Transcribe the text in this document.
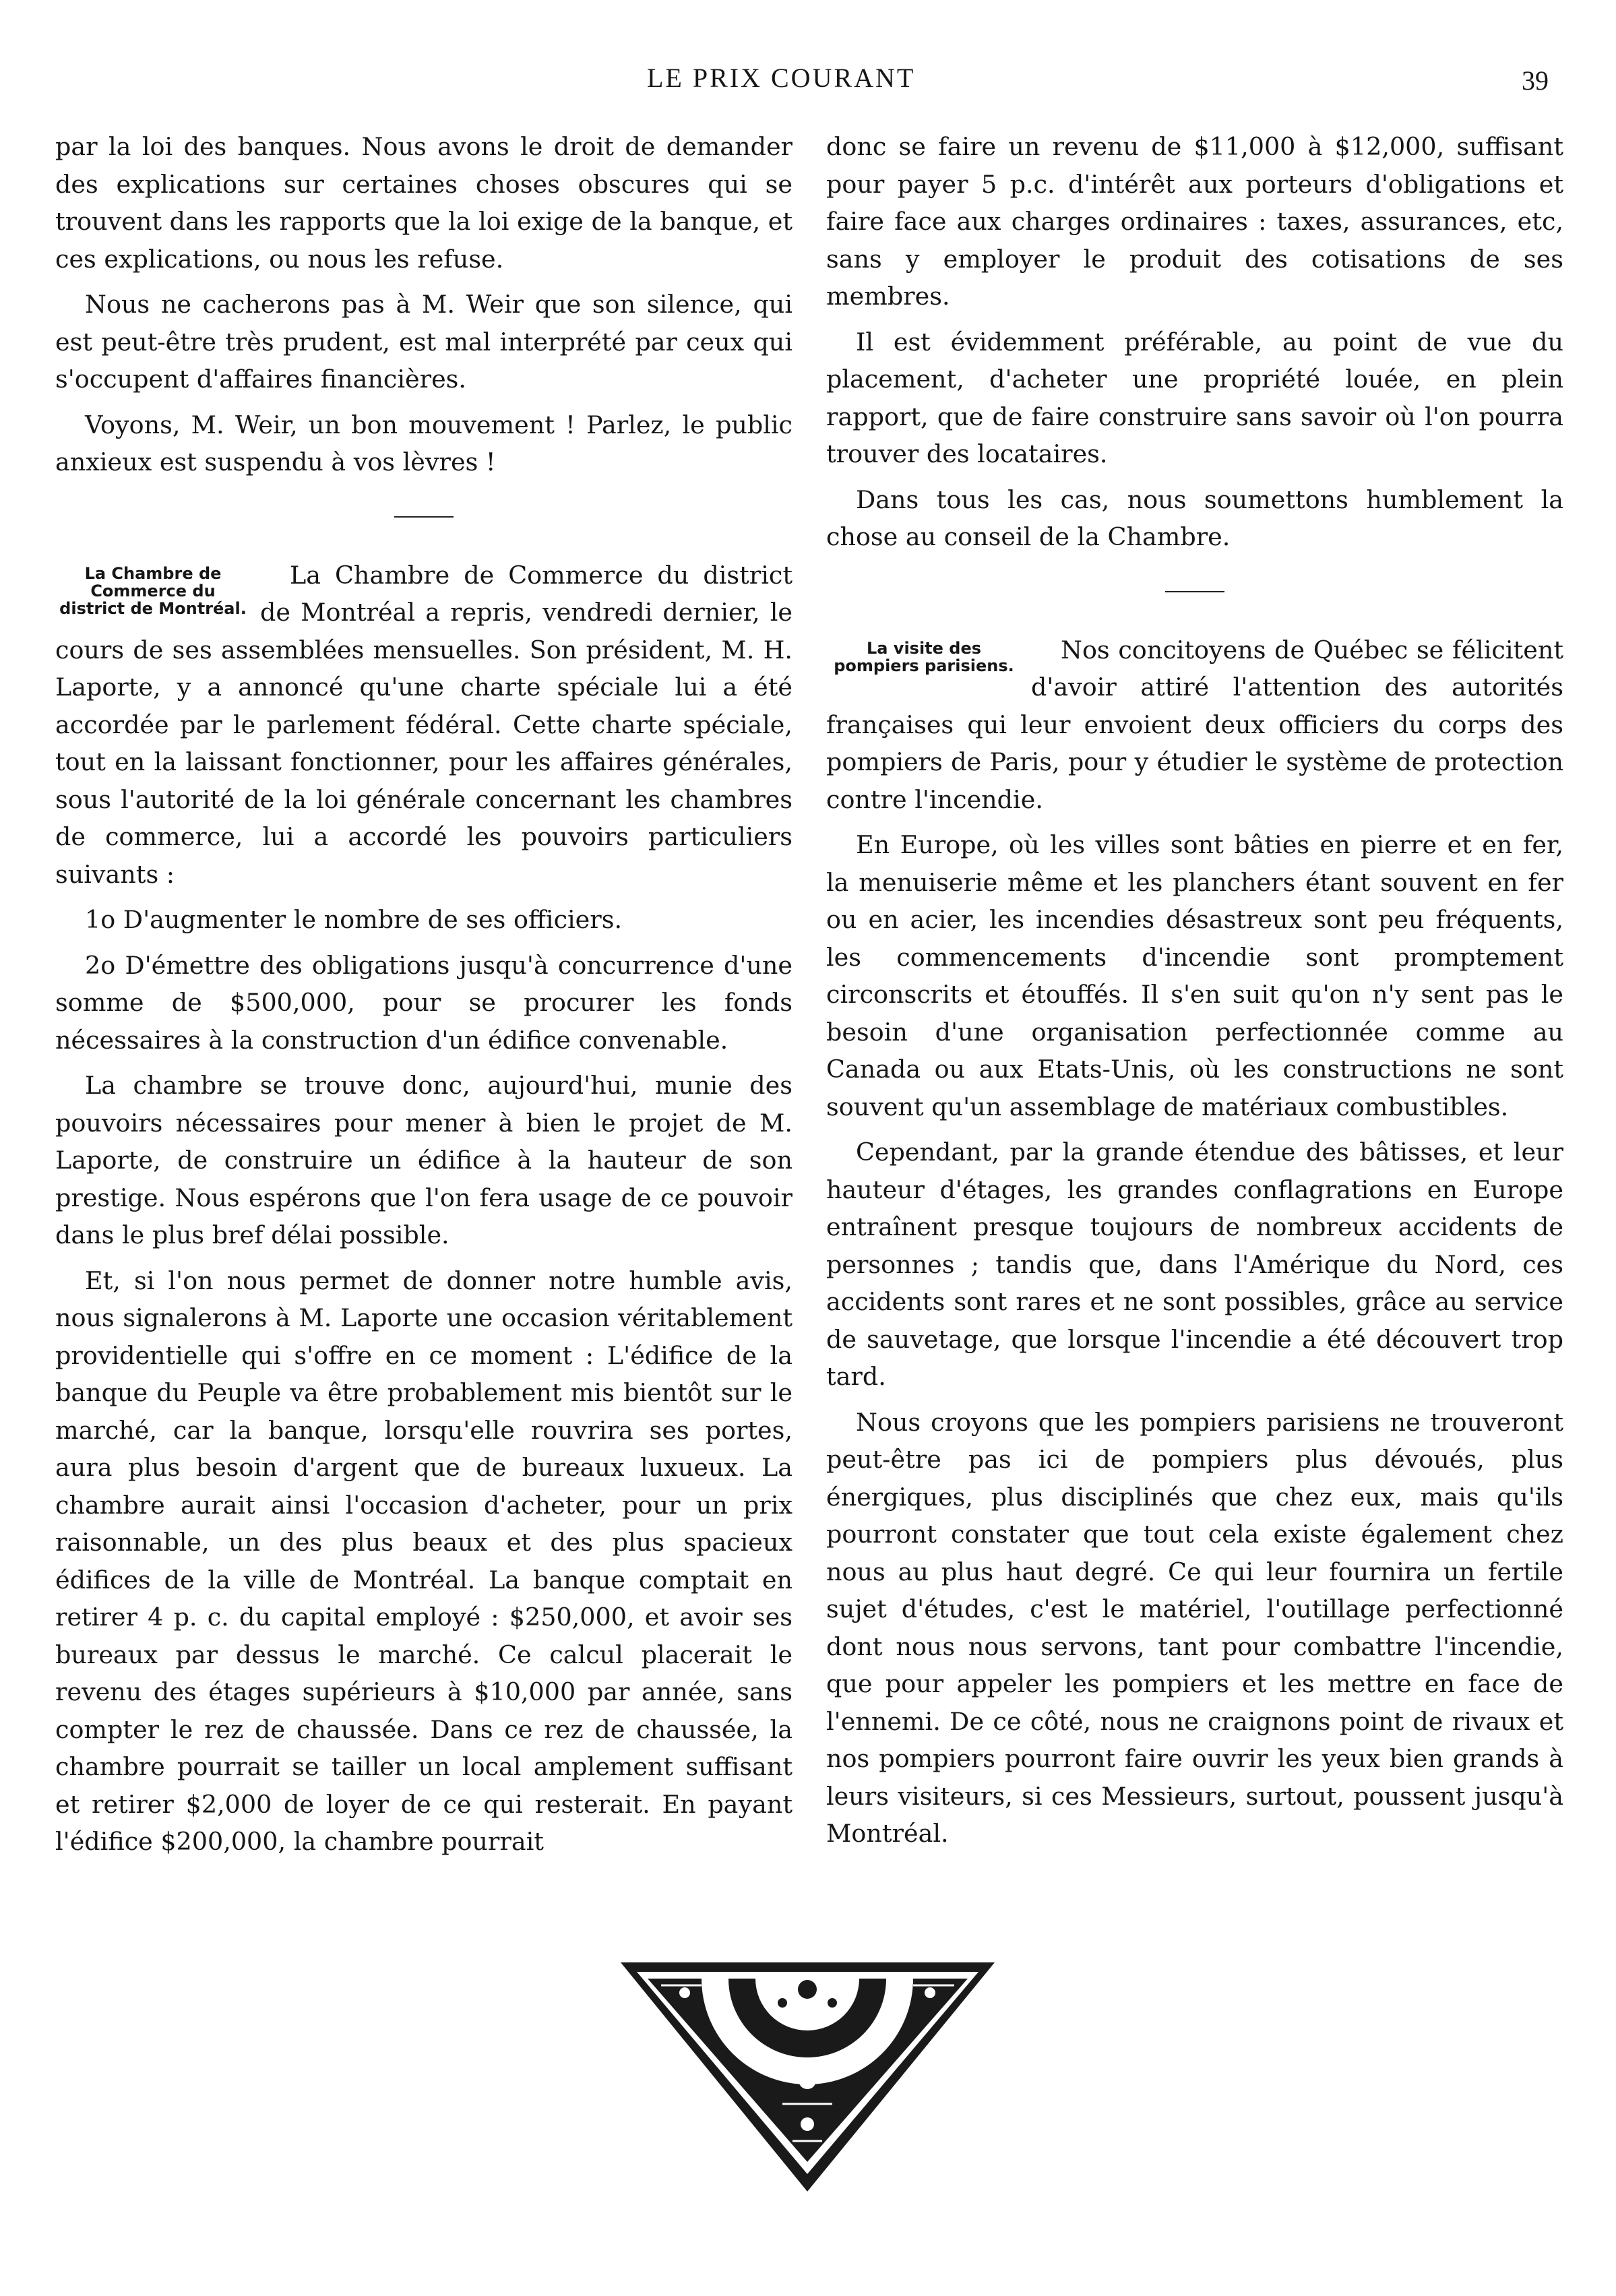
LE PRIX COURANT	39

par la loi des banques. Nous avons le droit de demander des explications sur certaines choses obscures qui se trouvent dans les rapports que la loi exige de la banque, et ces explications, ou nous les refuse.

Nous ne cacherons pas à M. Weir que son silence, qui est peut-être très prudent, est mal interprété par ceux qui s'occupent d'affaires financières.

Voyons, M. Weir, un bon mouvement ! Parlez, le public anxieux est suspendu à vos lèvres !

La Chambre de Commerce du district de Montréal.

La Chambre de Commerce du district de Montréal a repris, vendredi dernier, le cours de ses assemblées mensuelles. Son président, M. H. Laporte, y a annoncé qu'une charte spéciale lui a été accordée par le parlement fédéral. Cette charte spéciale, tout en la laissant fonctionner, pour les affaires générales, sous l'autorité de la loi générale concernant les chambres de commerce, lui a accordé les pouvoirs particuliers suivants :

1o D'augmenter le nombre de ses officiers.

2o D'émettre des obligations jusqu'à concurrence d'une somme de $500,000, pour se procurer les fonds nécessaires à la construction d'un édifice convenable.

La chambre se trouve donc, aujourd'hui, munie des pouvoirs nécessaires pour mener à bien le projet de M. Laporte, de construire un édifice à la hauteur de son prestige. Nous espérons que l'on fera usage de ce pouvoir dans le plus bref délai possible.

Et, si l'on nous permet de donner notre humble avis, nous signalerons à M. Laporte une occasion véritablement providentielle qui s'offre en ce moment : L'édifice de la banque du Peuple va être probablement mis bientôt sur le marché, car la banque, lorsqu'elle rouvrira ses portes, aura plus besoin d'argent que de bureaux luxueux. La chambre aurait ainsi l'occasion d'acheter, pour un prix raisonnable, un des plus beaux et des plus spacieux édifices de la ville de Montréal. La banque comptait en retirer 4 p. c. du capital employé : $250,000, et avoir ses bureaux par dessus le marché. Ce calcul placerait le revenu des étages supérieurs à $10,000 par année, sans compter le rez de chaussée. Dans ce rez de chaussée, la chambre pourrait se tailler un local amplement suffisant et retirer $2,000 de loyer de ce qui resterait. En payant l'édifice $200,000, la chambre pourrait

donc se faire un revenu de $11,000 à $12,000, suffisant pour payer 5 p.c. d'intérêt aux porteurs d'obligations et faire face aux charges ordinaires : taxes, assurances, etc, sans y employer le produit des cotisations de ses membres.

Il est évidemment préférable, au point de vue du placement, d'acheter une propriété louée, en plein rapport, que de faire construire sans savoir où l'on pourra trouver des locataires.

Dans tous les cas, nous soumettons humblement la chose au conseil de la Chambre.

La visite des pompiers parisiens.

Nos concitoyens de Québec se félicitent d'avoir attiré l'attention des autorités françaises qui leur envoient deux officiers du corps des pompiers de Paris, pour y étudier le système de protection contre l'incendie.

En Europe, où les villes sont bâties en pierre et en fer, la menuiserie même et les planchers étant souvent en fer ou en acier, les incendies désastreux sont peu fréquents, les commencements d'incendie sont promptement circonscrits et étouffés. Il s'en suit qu'on n'y sent pas le besoin d'une organisation perfectionnée comme au Canada ou aux Etats-Unis, où les constructions ne sont souvent qu'un assemblage de matériaux combustibles.

Cependant, par la grande étendue des bâtisses, et leur hauteur d'étages, les grandes conflagrations en Europe entraînent presque toujours de nombreux accidents de personnes ; tandis que, dans l'Amérique du Nord, ces accidents sont rares et ne sont possibles, grâce au service de sauvetage, que lorsque l'incendie a été découvert trop tard.

Nous croyons que les pompiers parisiens ne trouveront peut-être pas ici de pompiers plus dévoués, plus énergiques, plus disciplinés que chez eux, mais qu'ils pourront constater que tout cela existe également chez nous au plus haut degré. Ce qui leur fournira un fertile sujet d'études, c'est le matériel, l'outillage perfectionné dont nous nous servons, tant pour combattre l'incendie, que pour appeler les pompiers et les mettre en face de l'ennemi. De ce côté, nous ne craignons point de rivaux et nos pompiers pourront faire ouvrir les yeux bien grands à leurs visiteurs, si ces Messieurs, surtout, poussent jusqu'à Montréal.
